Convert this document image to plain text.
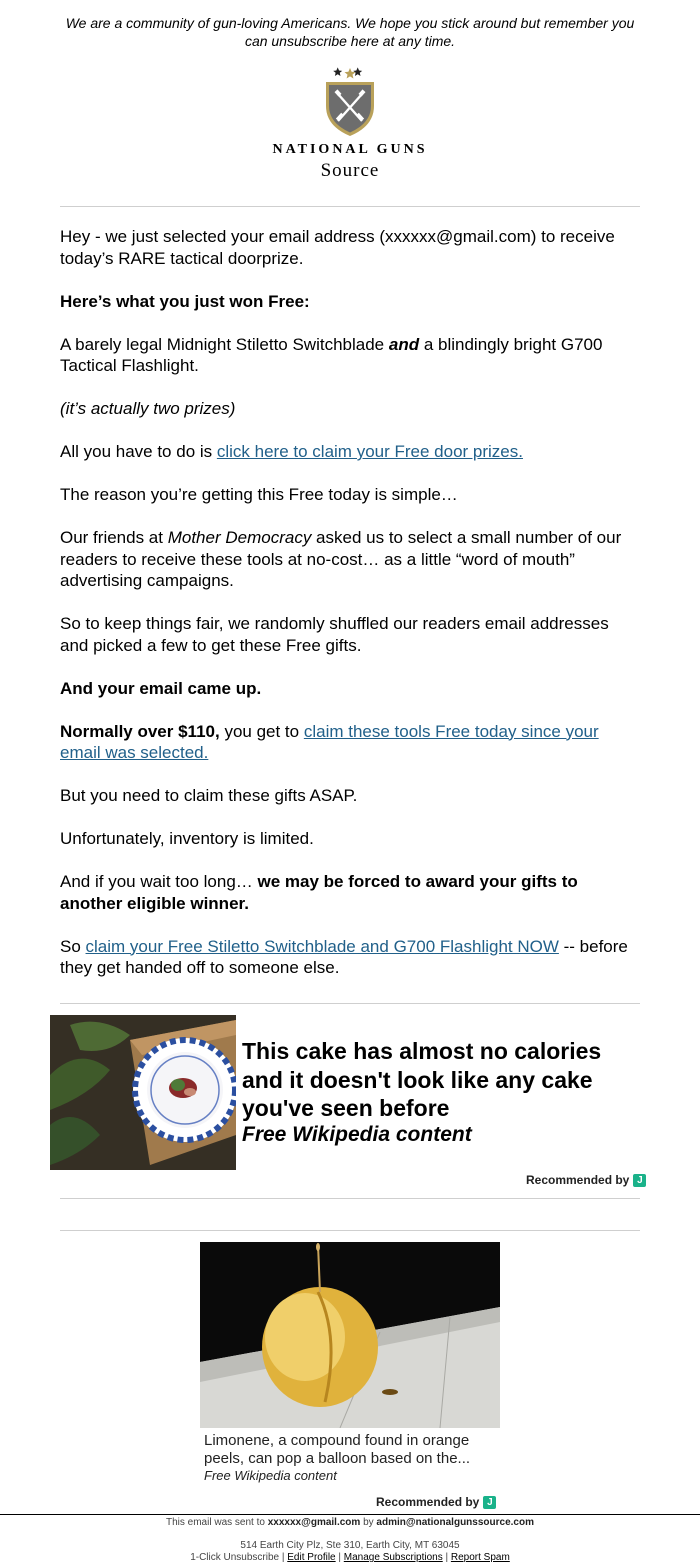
We are a community of gun-loving Americans. We hope you stick around but remember you can unsubscribe here at any time.
NATIONAL GUNS
Source

Hey - we just selected your email address (xxxxxx@gmail.com) to receive today’s RARE tactical doorprize.

Here’s what you just won Free:

A barely legal Midnight Stiletto Switchblade and a blindingly bright G700 Tactical Flashlight.

(it’s actually two prizes)

All you have to do is click here to claim your Free door prizes.

The reason you’re getting this Free today is simple…

Our friends at Mother Democracy asked us to select a small number of our readers to receive these tools at no-cost… as a little “word of mouth” advertising campaigns.

So to keep things fair, we randomly shuffled our readers email addresses and picked a few to get these Free gifts.

And your email came up.

Normally over $110, you get to claim these tools Free today since your email was selected.

But you need to claim these gifts ASAP.

Unfortunately, inventory is limited.

And if you wait too long… we may be forced to award your gifts to another eligible winner.

So claim your Free Stiletto Switchblade and G700 Flashlight NOW -- before they get handed off to someone else.

This cake has almost no calories and it doesn't look like any cake you've seen before
Free Wikipedia content
Recommended by J
Limonene, a compound found in orange peels, can pop a balloon based on the...
Free Wikipedia content
Recommended by J
This email was sent to xxxxxx@gmail.com by admin@nationalgunssource.com
514 Earth City Plz, Ste 310, Earth City, MT 63045
1-Click Unsubscribe | Edit Profile | Manage Subscriptions | Report Spam
